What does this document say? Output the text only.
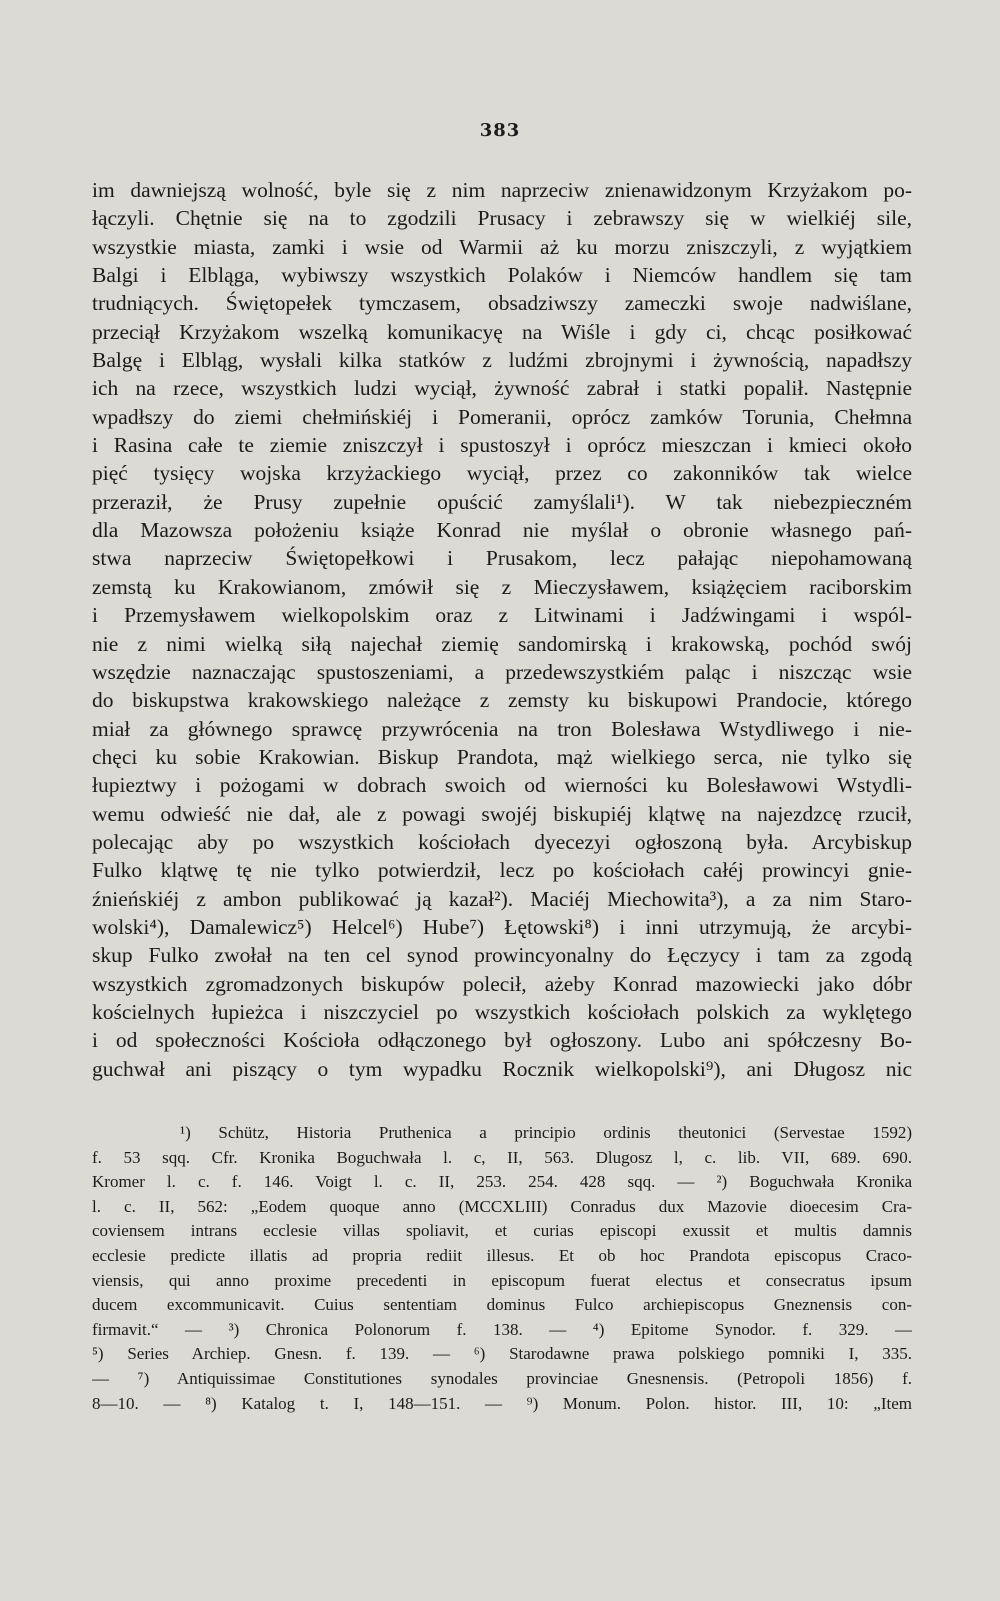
383
im dawniejszą wolność, byle się z nim naprzeciw znienawidzonym Krzyżakom po-
łączyli. Chętnie się na to zgodzili Prusacy i zebrawszy się w wielkiéj sile,
wszystkie miasta, zamki i wsie od Warmii aż ku morzu zniszczyli, z wyjątkiem
Balgi i Elbląga, wybiwszy wszystkich Polaków i Niemców handlem się tam
trudniących. Świętopełek tymczasem, obsadziwszy zameczki swoje nadwiślane,
przeciął Krzyżakom wszelką komunikacyę na Wiśle i gdy ci, chcąc posiłkować
Balgę i Elbląg, wysłali kilka statków z ludźmi zbrojnymi i żywnością, napadłszy
ich na rzece, wszystkich ludzi wyciął, żywność zabrał i statki popalił. Następnie
wpadłszy do ziemi chełmińskiéj i Pomeranii, oprócz zamków Torunia, Chełmna
i Rasina całe te ziemie zniszczył i spustoszył i oprócz mieszczan i kmieci około
pięć tysięcy wojska krzyżackiego wyciął, przez co zakonników tak wielce
przeraził, że Prusy zupełnie opuścić zamyślali¹). W tak niebezpieczném
dla Mazowsza położeniu książe Konrad nie myślał o obronie własnego pań-
stwa naprzeciw Świętopełkowi i Prusakom, lecz pałając niepohamowaną
zemstą ku Krakowianom, zmówił się z Mieczysławem, książęciem raciborskim
i Przemysławem wielkopolskim oraz z Litwinami i Jadźwingami i wspól-
nie z nimi wielką siłą najechał ziemię sandomirską i krakowską, pochód swój
wszędzie naznaczając spustoszeniami, a przedewszystkiém paląc i niszcząc wsie
do biskupstwa krakowskiego należące z zemsty ku biskupowi Prandocie, którego
miał za głównego sprawcę przywrócenia na tron Bolesława Wstydliwego i nie-
chęci ku sobie Krakowian. Biskup Prandota, mąż wielkiego serca, nie tylko się
łupieztwy i pożogami w dobrach swoich od wierności ku Bolesławowi Wstydli-
wemu odwieść nie dał, ale z powagi swojéj biskupiéj klątwę na najezdzcę rzucił,
polecając aby po wszystkich kościołach dyecezyi ogłoszoną była. Arcybiskup
Fulko klątwę tę nie tylko potwierdził, lecz po kościołach całéj prowincyi gnie-
źnieńskiéj z ambon publikować ją kazał²). Maciéj Miechowita³), a za nim Staro-
wolski⁴), Damalewicz⁵) Helcel⁶) Hube⁷) Łętowski⁸) i inni utrzymują, że arcybi-
skup Fulko zwołał na ten cel synod prowincyonalny do Łęczycy i tam za zgodą
wszystkich zgromadzonych biskupów polecił, ażeby Konrad mazowiecki jako dóbr
kościelnych łupieżca i niszczyciel po wszystkich kościołach polskich za wyklętego
i od społeczności Kościoła odłączonego był ogłoszony. Lubo ani spółczesny Bo-
guchwał ani piszący o tym wypadku Rocznik wielkopolski⁹), ani Długosz nic
¹) Schütz, Historia Pruthenica a principio ordinis theutonici (Servestae 1592)
f. 53 sqq. Cfr. Kronika Boguchwała l. c, II, 563. Dlugosz l, c. lib. VII, 689. 690.
Kromer l. c. f. 146. Voigt l. c. II, 253. 254. 428 sqq. — ²) Boguchwała Kronika
l. c. II, 562: „Eodem quoque anno (MCCXLIII) Conradus dux Mazovie dioecesim Cra-
coviensem intrans ecclesie villas spoliavit, et curias episcopi exussit et multis damnis
ecclesie predicte illatis ad propria rediit illesus. Et ob hoc Prandota episcopus Craco-
viensis, qui anno proxime precedenti in episcopum fuerat electus et consecratus ipsum
ducem excommunicavit. Cuius sententiam dominus Fulco archiepiscopus Gneznensis con-
firmavit.“ — ³) Chronica Polonorum f. 138. — ⁴) Epitome Synodor. f. 329. —
⁵) Series Archiep. Gnesn. f. 139. — ⁶) Starodawne prawa polskiego pomniki I, 335.
— ⁷) Antiquissimae Constitutiones synodales provinciae Gnesnensis. (Petropoli 1856) f.
8—10. — ⁸) Katalog t. I, 148—151. — ⁹) Monum. Polon. histor. III, 10: „Item
